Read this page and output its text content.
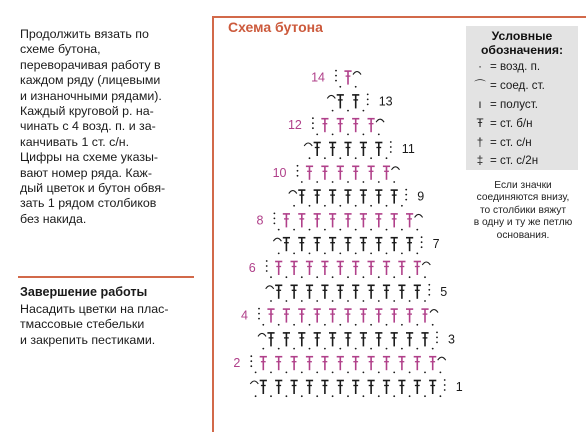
Продолжить вязать по
схеме бутона,
переворачивая работу в
каждом ряду (лицевыми
и изнаночными рядами).
Каждый круговой р. на-
чинать с 4 возд. п. и за-
канчивать 1 ст. с/н.
Цифры на схеме указы-
вают номер ряда. Каж-
дый цветок и бутон обвя-
зать 1 рядом столбиков
без накида.
Завершение работы
Насадить цветки на плас-
тмассовые стебельки
и закрепить пестиками.
Схема бутона
Условные
обозначения:
· = возд. п.
⌒ = соед. ст.
ı = полуст.
Ŧ = ст. б/н
† = ст. с/н
‡ = ст. с/2н
Если значки
соединяются внизу,
то столбики вяжут
в одну и ту же петлю
основания.
1
2
3
4
5
6
7
8
9
10
11
12
13
14
